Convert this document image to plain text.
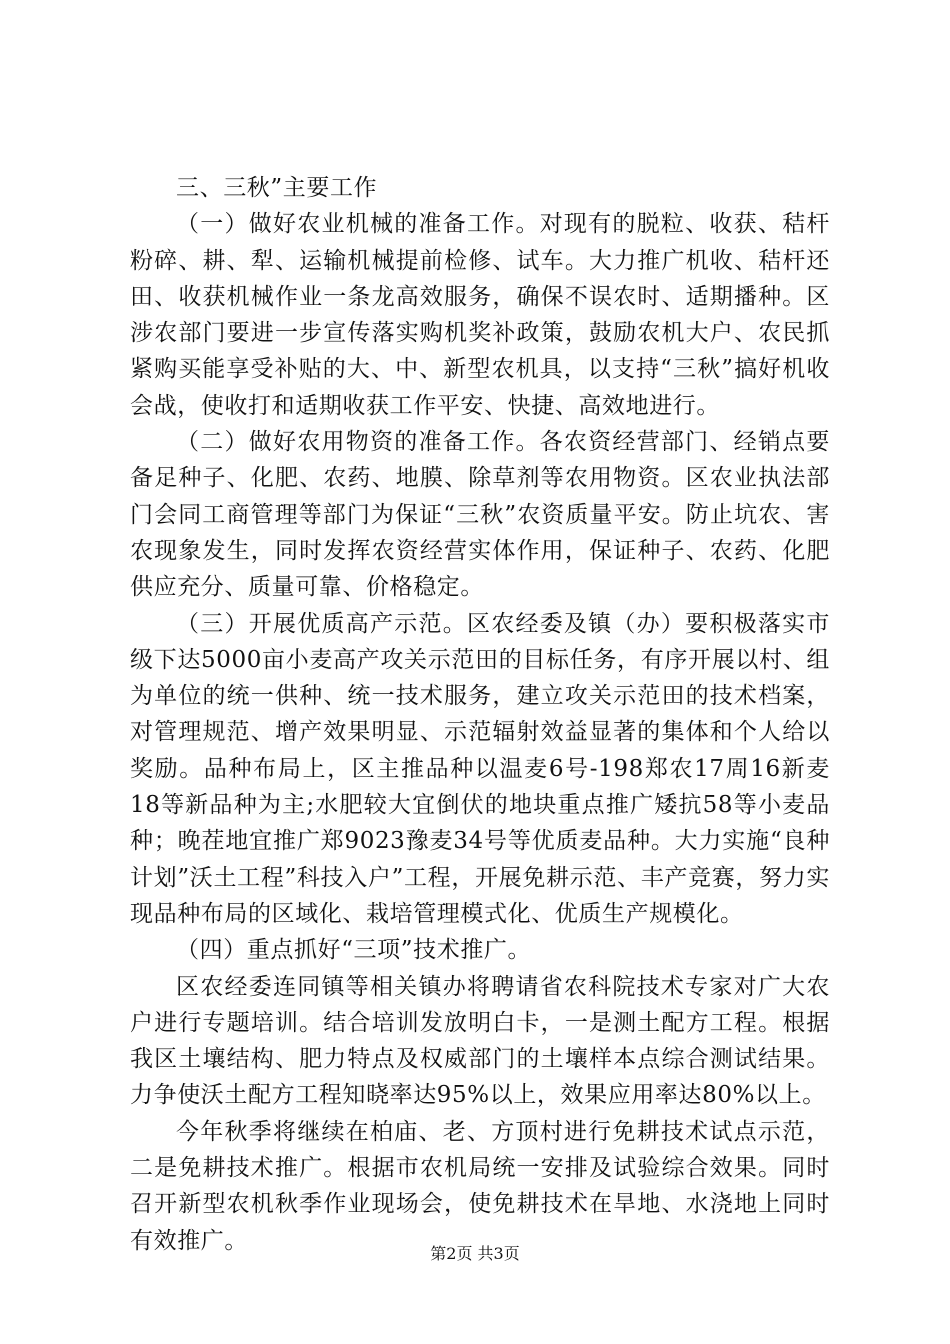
三、三秋”主要工作

（一）做好农业机械的准备工作。对现有的脱粒、收获、秸杆粉碎、耕、犁、运输机械提前检修、试车。大力推广机收、秸杆还田、收获机械作业一条龙高效服务，确保不误农时、适期播种。区涉农部门要进一步宣传落实购机奖补政策，鼓励农机大户、农民抓紧购买能享受补贴的大、中、新型农机具，以支持“三秋”搞好机收会战，使收打和适期收获工作平安、快捷、高效地进行。

（二）做好农用物资的准备工作。各农资经营部门、经销点要备足种子、化肥、农药、地膜、除草剂等农用物资。区农业执法部门会同工商管理等部门为保证“三秋”农资质量平安。防止坑农、害农现象发生，同时发挥农资经营实体作用，保证种子、农药、化肥供应充分、质量可靠、价格稳定。

（三）开展优质高产示范。区农经委及镇（办）要积极落实市级下达5000亩小麦高产攻关示范田的目标任务，有序开展以村、组为单位的统一供种、统一技术服务，建立攻关示范田的技术档案，对管理规范、增产效果明显、示范辐射效益显著的集体和个人给以奖励。品种布局上，区主推品种以温麦6号-198郑农17周16新麦18等新品种为主;水肥较大宜倒伏的地块重点推广矮抗58等小麦品种；晚茬地宜推广郑9023豫麦34号等优质麦品种。大力实施“良种计划”沃土工程”科技入户”工程，开展免耕示范、丰产竞赛，努力实现品种布局的区域化、栽培管理模式化、优质生产规模化。

（四）重点抓好“三项”技术推广。

区农经委连同镇等相关镇办将聘请省农科院技术专家对广大农户进行专题培训。结合培训发放明白卡，一是测土配方工程。根据我区土壤结构、肥力特点及权威部门的土壤样本点综合测试结果。力争使沃土配方工程知晓率达95%以上，效果应用率达80%以上。

今年秋季将继续在柏庙、老、方顶村进行免耕技术试点示范，二是免耕技术推广。根据市农机局统一安排及试验综合效果。同时召开新型农机秋季作业现场会，使免耕技术在旱地、水浇地上同时有效推广。	第2页 共3页
